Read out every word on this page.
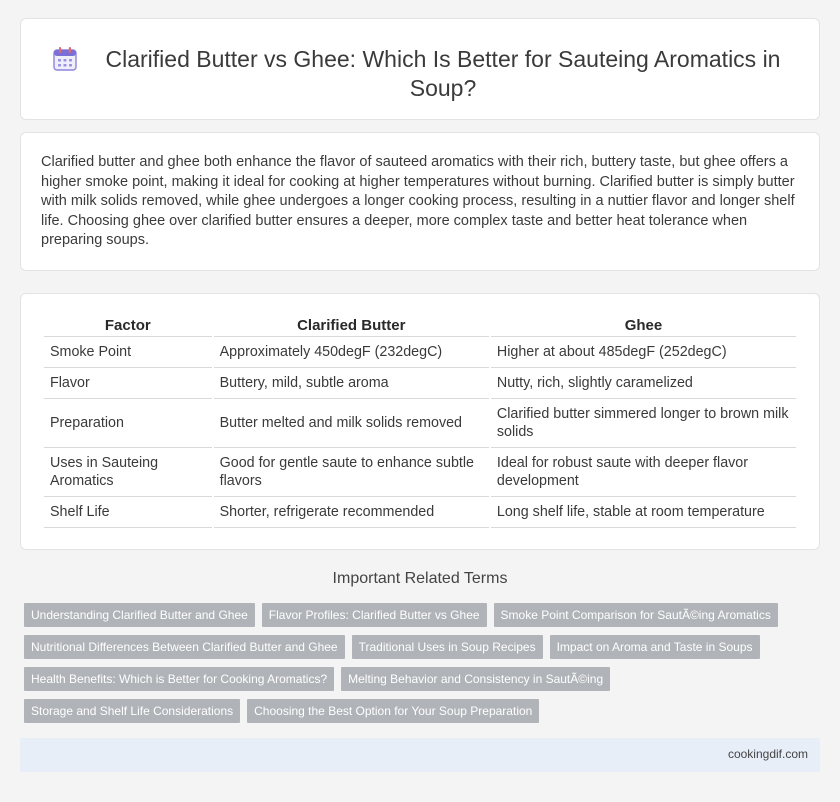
Clarified Butter vs Ghee: Which Is Better for Sauteing Aromatics in Soup?

Clarified butter and ghee both enhance the flavor of sauteed aromatics with their rich, buttery taste, but ghee offers a higher smoke point, making it ideal for cooking at higher temperatures without burning. Clarified butter is simply butter with milk solids removed, while ghee undergoes a longer cooking process, resulting in a nuttier flavor and longer shelf life. Choosing ghee over clarified butter ensures a deeper, more complex taste and better heat tolerance when preparing soups.

Factor	Clarified Butter	Ghee
Smoke Point	Approximately 450degF (232degC)	Higher at about 485degF (252degC)
Flavor	Buttery, mild, subtle aroma	Nutty, rich, slightly caramelized
Preparation	Butter melted and milk solids removed	Clarified butter simmered longer to brown milk solids
Uses in Sauteing Aromatics	Good for gentle saute to enhance subtle flavors	Ideal for robust saute with deeper flavor development
Shelf Life	Shorter, refrigerate recommended	Long shelf life, stable at room temperature
Important Related Terms
Understanding Clarified Butter and Ghee	Flavor Profiles: Clarified Butter vs Ghee	Smoke Point Comparison for SautÃ©ing Aromatics
Nutritional Differences Between Clarified Butter and Ghee	Traditional Uses in Soup Recipes	Impact on Aroma and Taste in Soups
Health Benefits: Which is Better for Cooking Aromatics?	Melting Behavior and Consistency in SautÃ©ing
Storage and Shelf Life Considerations	Choosing the Best Option for Your Soup Preparation
cookingdif.com
